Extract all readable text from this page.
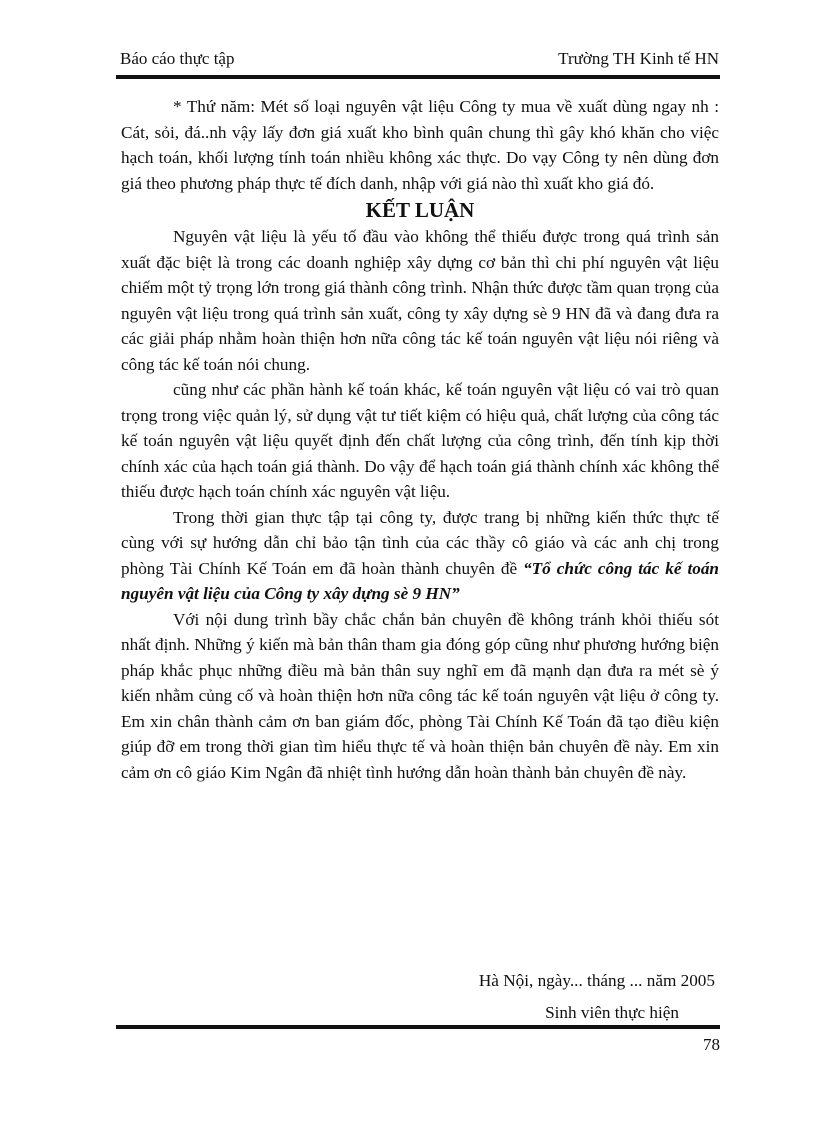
Báo cáo thực tập	Trường TH Kinh tế HN

* Thứ năm: Mét số loại nguyên vật liệu Công ty mua về xuất dùng ngay nh : Cát, sỏi, đá..nh vậy lấy đơn giá xuất kho bình quân chung thì gây khó khăn cho việc hạch toán, khối lượng tính toán nhiều không xác thực. Do vạy Công ty nên dùng đơn giá theo phương pháp thực tế đích danh, nhập với giá nào thì xuất kho giá đó.

KẾT LUẬN

Nguyên vật liệu là yếu tố đầu vào không thể thiếu được trong quá trình sản xuất đặc biệt là trong các doanh nghiệp xây dựng cơ bản thì chi phí nguyên vật liệu chiếm một tỷ trọng lớn trong giá thành công trình. Nhận thức được tầm quan trọng của nguyên vật liệu trong quá trình sản xuất, công ty xây dựng sè 9 HN đã và đang đưa ra các giải pháp nhằm hoàn thiện hơn nữa công tác kế toán nguyên vật liệu nói riêng và công tác kế toán nói chung.

cũng như các phần hành kế toán khác, kế toán nguyên vật liệu có vai trò quan trọng trong việc quản lý, sử dụng vật tư tiết kiệm có hiệu quả, chất lượng của công tác kế toán nguyên vật liệu quyết định đến chất lượng của công trình, đến tính kịp thời chính xác của hạch toán giá thành. Do vậy để hạch toán giá thành chính xác không thể thiếu được hạch toán chính xác nguyên vật liệu.

Trong thời gian thực tập tại công ty, được trang bị những kiến thức thực tế cùng với sự hướng dẫn chỉ bảo tận tình của các thầy cô giáo và các anh chị trong phòng Tài Chính Kế Toán em đã hoàn thành chuyên đề “Tổ chức công tác kế toán nguyên vật liệu của Công ty xây dựng sè 9 HN”

Với nội dung trình bầy chắc chắn bản chuyên đề không tránh khỏi thiếu sót nhất định. Những ý kiến mà bản thân tham gia đóng góp cũng như phương hướng biện pháp khắc phục những điều mà bản thân suy nghĩ em đã mạnh dạn đưa ra mét sè ý kiến nhằm củng cố và hoàn thiện hơn nữa công tác kế toán nguyên vật liệu ở công ty. Em xin chân thành cảm ơn ban giám đốc, phòng Tài Chính Kế Toán đã tạo điều kiện giúp đỡ em trong thời gian tìm hiểu thực tế và hoàn thiện bản chuyên đề này. Em xin cảm ơn cô giáo Kim Ngân đã nhiệt tình hướng dẫn hoàn thành bản chuyên đề này.

Hà Nội, ngày... tháng ... năm 2005
Sinh viên thực hiện
78
